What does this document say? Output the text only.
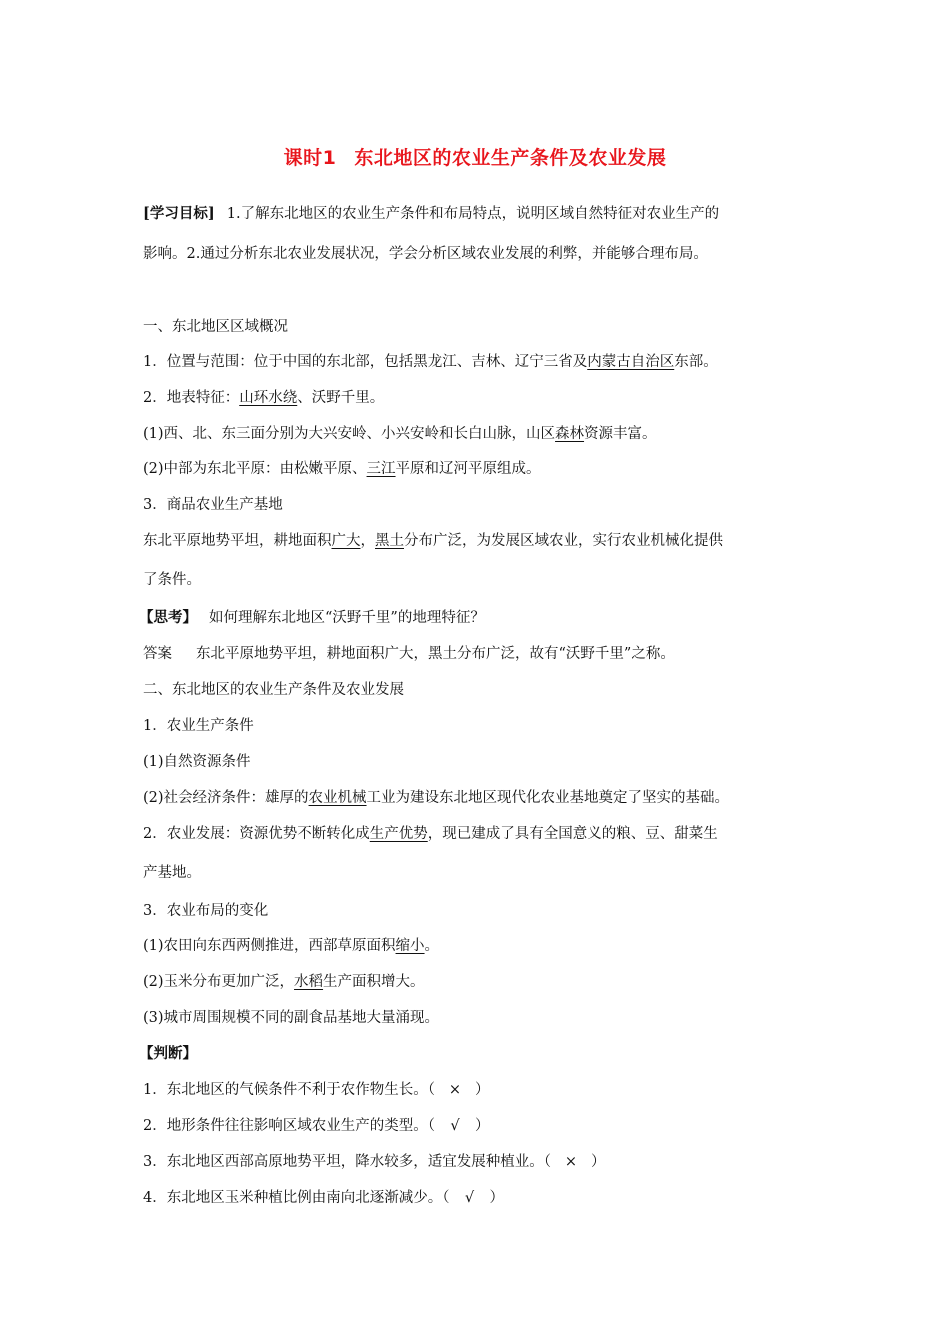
课时1 东北地区的农业生产条件及农业发展
[学习目标] 1.了解东北地区的农业生产条件和布局特点，说明区域自然特征对农业生产的
影响。2.通过分析东北农业发展状况，学会分析区域农业发展的利弊，并能够合理布局。
一、东北地区区域概况
1．位置与范围：位于中国的东北部，包括黑龙江、吉林、辽宁三省及内蒙古自治区东部。
2．地表特征：山环水绕、沃野千里。
(1)西、北、东三面分别为大兴安岭、小兴安岭和长白山脉，山区森林资源丰富。
(2)中部为东北平原：由松嫩平原、三江平原和辽河平原组成。
3．商品农业生产基地
东北平原地势平坦，耕地面积广大，黑土分布广泛，为发展区域农业，实行农业机械化提供
了条件。
【思考】 如何理解东北地区“沃野千里”的地理特征？
答案 东北平原地势平坦，耕地面积广大，黑土分布广泛，故有“沃野千里”之称。
二、东北地区的农业生产条件及农业发展
1．农业生产条件
(1)自然资源条件
(2)社会经济条件：雄厚的农业机械工业为建设东北地区现代化农业基地奠定了坚实的基础。
2．农业发展：资源优势不断转化成生产优势，现已建成了具有全国意义的粮、豆、甜菜生
产基地。
3．农业布局的变化
(1)农田向东西两侧推进，西部草原面积缩小。
(2)玉米分布更加广泛，水稻生产面积增大。
(3)城市周围规模不同的副食品基地大量涌现。
【判断】
1．东北地区的气候条件不利于农作物生长。（ × ）
2．地形条件往往影响区域农业生产的类型。（ √ ）
3．东北地区西部高原地势平坦，降水较多，适宜发展种植业。（ × ）
4．东北地区玉米种植比例由南向北逐渐减少。（ √ ）
